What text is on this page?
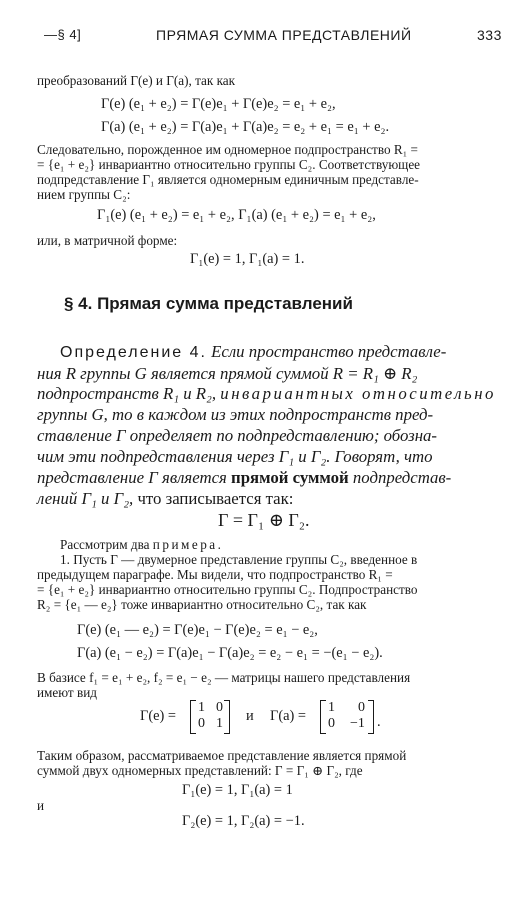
—§ 4]	ПРЯМАЯ СУММА ПРЕДСТАВЛЕНИЙ	333
преобразований Γ(e) и Γ(a), так как
Γ(e) (e₁ + e₂) = Γ(e)e₁ + Γ(e)e₂ = e₁ + e₂,
Γ(a) (e₁ + e₂) = Γ(a)e₁ + Γ(a)e₂ = e₂ + e₁ = e₁ + e₂.
Следовательно, порожденное им одномерное подпространство R₁ =
= {e₁ + e₂} инвариантно относительно группы C₂. Соответствующее
подпредставление Γ₁ является одномерным единичным представле-
нием группы C₂:
Γ₁(e) (e₁ + e₂) = e₁ + e₂, Γ₁(a) (e₁ + e₂) = e₁ + e₂,
или, в матричной форме:
Γ₁(e) = 1, Γ₁(a) = 1.
§ 4. Прямая сумма представлений
Определение 4. Если пространство представле-
ния R группы G является прямой суммой R = R₁ ⊕ R₂
подпространств R₁ и R₂, инвариантных относительно
группы G, то в каждом из этих подпространств пред-
ставление Γ определяет по подпредставлению; обозна-
чим эти подпредставления через Γ₁ и Γ₂. Говорят, что
представление Γ является прямой суммой подпредстав-
лений Γ₁ и Γ₂, что записывается так:
Γ = Γ₁ ⊕ Γ₂.
Рассмотрим два примера.
1. Пусть Γ — двумерное представление группы C₂, введенное в
предыдущем параграфе. Мы видели, что подпространство R₁ =
= {e₁ + e₂} инвариантно относительно группы C₂. Подпространство
R₂ = {e₁ — e₂} тоже инвариантно относительно C₂, так как
Γ(e) (e₁ — e₂) = Γ(e)e₁ − Γ(e)e₂ = e₁ − e₂,
Γ(a) (e₁ − e₂) = Γ(a)e₁ − Γ(a)e₂ = e₂ − e₁ = −(e₁ − e₂).
В базисе f₁ = e₁ + e₂, f₂ = e₁ − e₂ — матрицы нашего представления
имеют вид
Γ(e) =
1 0
0 1 и Γ(a) =
1 0
0 −1 .
Таким образом, рассматриваемое представление является прямой
суммой двух одномерных представлений: Γ = Γ₁ ⊕ Γ₂, где
Γ₁(e) = 1, Γ₁(a) = 1
и
Γ₂(e) = 1, Γ₂(a) = −1.
